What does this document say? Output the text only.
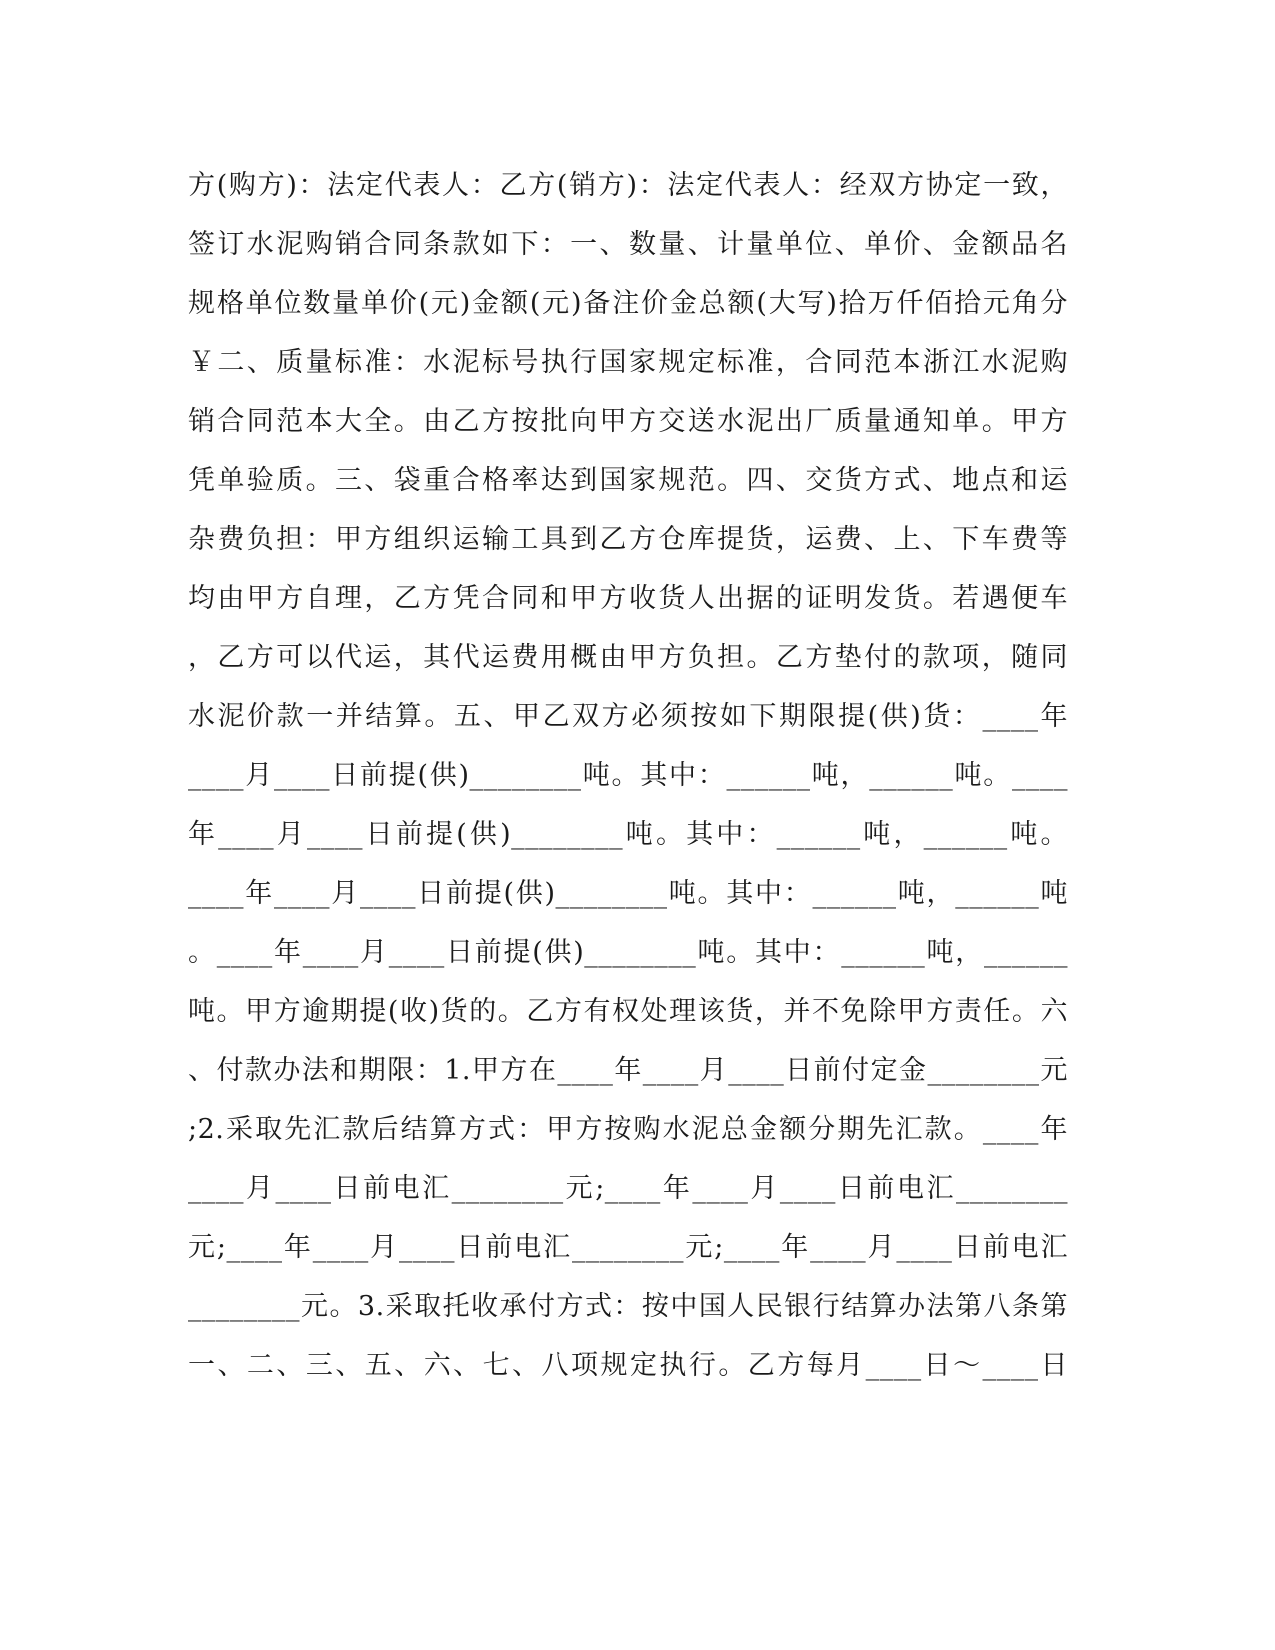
方(购方)：法定代表人：乙方(销方)：法定代表人：经双方协定一致，
签订水泥购销合同条款如下：一、数量、计量单位、单价、金额品名
规格单位数量单价(元)金额(元)备注价金总额(大写)拾万仟佰拾元角分
￥二、质量标准：水泥标号执行国家规定标准，合同范本浙江水泥购
销合同范本大全。由乙方按批向甲方交送水泥出厂质量通知单。甲方
凭单验质。三、袋重合格率达到国家规范。四、交货方式、地点和运
杂费负担：甲方组织运输工具到乙方仓库提货，运费、上、下车费等
均由甲方自理，乙方凭合同和甲方收货人出据的证明发货。若遇便车
，乙方可以代运，其代运费用概由甲方负担。乙方垫付的款项，随同
水泥价款一并结算。五、甲乙双方必须按如下期限提(供)货：____年
____月____日前提(供)________吨。其中：______吨，______吨。____
年____月____日前提(供)________吨。其中：______吨，______吨。
____年____月____日前提(供)________吨。其中：______吨，______吨
。____年____月____日前提(供)________吨。其中：______吨，______
吨。甲方逾期提(收)货的。乙方有权处理该货，并不免除甲方责任。六
、付款办法和期限：1.甲方在____年____月____日前付定金________元
;2.采取先汇款后结算方式：甲方按购水泥总金额分期先汇款。____年
____月____日前电汇________元;____年____月____日前电汇________
元;____年____月____日前电汇________元;____年____月____日前电汇
________元。3.采取托收承付方式：按中国人民银行结算办法第八条第
一、二、三、五、六、七、八项规定执行。乙方每月____日～____日
